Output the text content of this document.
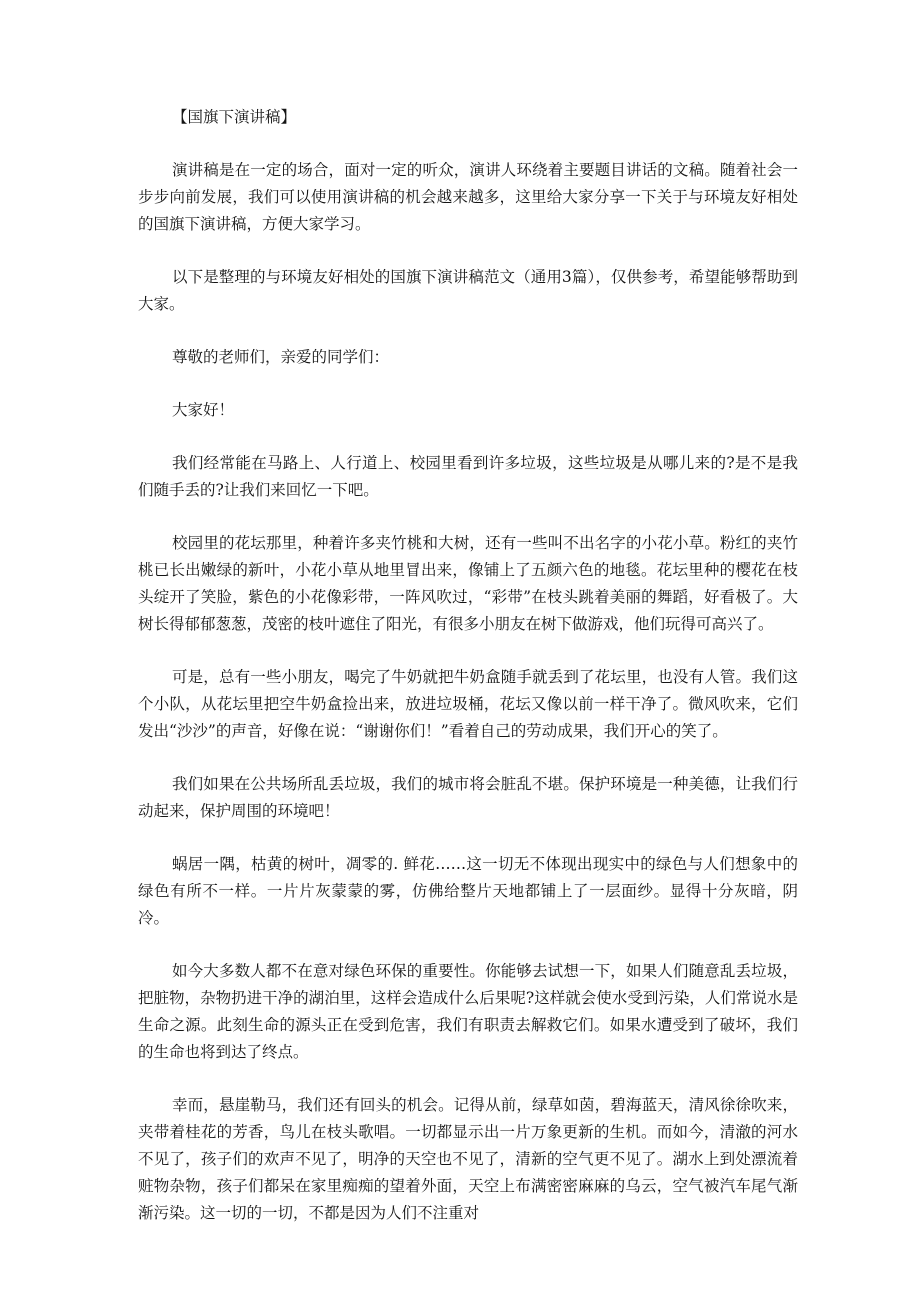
【国旗下演讲稿】

演讲稿是在一定的场合，面对一定的听众，演讲人环绕着主要题目讲话的文稿。随着社会一步步向前发展，我们可以使用演讲稿的机会越来越多，这里给大家分享一下关于与环境友好相处的国旗下演讲稿，方便大家学习。

以下是整理的与环境友好相处的国旗下演讲稿范文（通用3篇），仅供参考，希望能够帮助到大家。

尊敬的老师们，亲爱的同学们：

大家好！

我们经常能在马路上、人行道上、校园里看到许多垃圾，这些垃圾是从哪儿来的?是不是我们随手丢的?让我们来回忆一下吧。

校园里的花坛那里，种着许多夹竹桃和大树，还有一些叫不出名字的小花小草。粉红的夹竹桃已长出嫩绿的新叶，小花小草从地里冒出来，像铺上了五颜六色的地毯。花坛里种的樱花在枝头绽开了笑脸，紫色的小花像彩带，一阵风吹过，“彩带”在枝头跳着美丽的舞蹈，好看极了。大树长得郁郁葱葱，茂密的枝叶遮住了阳光，有很多小朋友在树下做游戏，他们玩得可高兴了。

可是，总有一些小朋友，喝完了牛奶就把牛奶盒随手就丢到了花坛里，也没有人管。我们这个小队，从花坛里把空牛奶盒捡出来，放进垃圾桶，花坛又像以前一样干净了。微风吹来，它们发出“沙沙”的声音，好像在说：“谢谢你们！”看着自己的劳动成果，我们开心的笑了。

我们如果在公共场所乱丢垃圾，我们的城市将会脏乱不堪。保护环境是一种美德，让我们行动起来，保护周围的环境吧！

蜗居一隅，枯黄的树叶，凋零的. 鲜花……这一切无不体现出现实中的绿色与人们想象中的绿色有所不一样。一片片灰蒙蒙的雾，仿佛给整片天地都铺上了一层面纱。显得十分灰暗，阴冷。

如今大多数人都不在意对绿色环保的重要性。你能够去试想一下，如果人们随意乱丢垃圾，把脏物，杂物扔进干净的湖泊里，这样会造成什么后果呢?这样就会使水受到污染，人们常说水是生命之源。此刻生命的源头正在受到危害，我们有职责去解救它们。如果水遭受到了破坏，我们的生命也将到达了终点。

幸而，悬崖勒马，我们还有回头的机会。记得从前，绿草如茵，碧海蓝天，清风徐徐吹来，夹带着桂花的芳香，鸟儿在枝头歌唱。一切都显示出一片万象更新的生机。而如今，清澈的河水不见了，孩子们的欢声不见了，明净的天空也不见了，清新的空气更不见了。湖水上到处漂流着赃物杂物，孩子们都呆在家里痴痴的望着外面，天空上布满密密麻麻的乌云，空气被汽车尾气渐渐污染。这一切的一切，不都是因为人们不注重对
